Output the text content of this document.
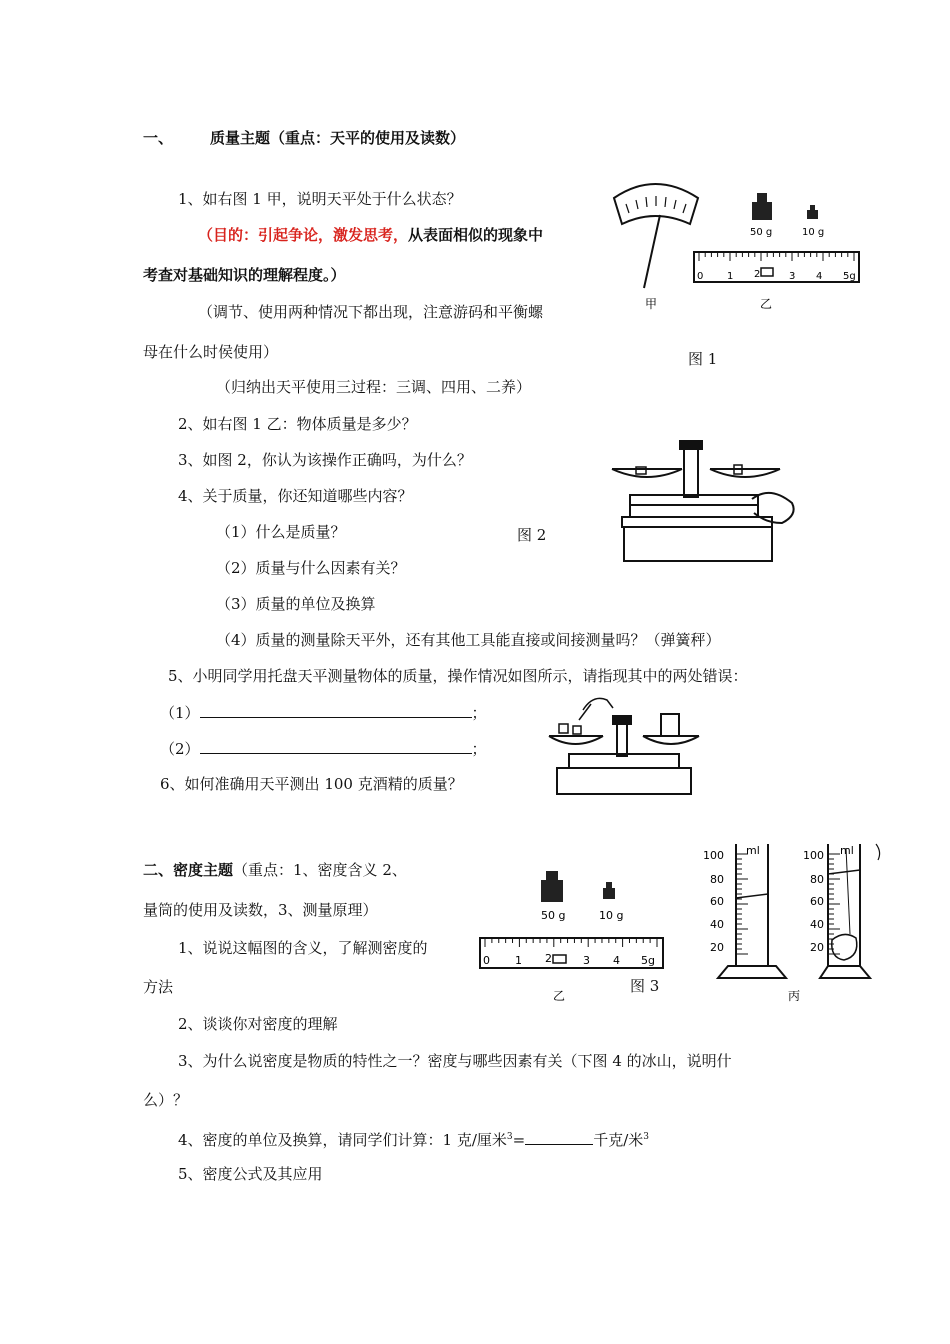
一、 质量主题（重点：天平的使用及读数）
1、如右图 1 甲，说明天平处于什么状态？
（目的：引起争论，激发思考，从表面相似的现象中
考查对基础知识的理解程度。）
（调节、使用两种情况下都出现，注意游码和平衡螺
母在什么时侯使用）
（归纳出天平使用三过程：三调、四用、二养）
2、如右图 1 乙：物体质量是多少？
3、如图 2，你认为该操作正确吗，为什么？
4、关于质量，你还知道哪些内容？
（1）什么是质量？
（2）质量与什么因素有关？
（3）质量的单位及换算
（4）质量的测量除天平外，还有其他工具能直接或间接测量吗？（弹簧秤）
5、小明同学用托盘天平测量物体的质量，操作情况如图所示，请指现其中的两处错误：
（1）	；
（2）	；
6、如何准确用天平测出 100 克酒精的质量？
二、密度主题（重点：1、密度含义 2、
量筒的使用及读数，3、测量原理）
1、说说这幅图的含义，了解测密度的
方法
2、谈谈你对密度的理解
3、为什么说密度是物质的特性之一？密度与哪些因素有关（下图 4 的冰山，说明什
么）？
4、密度的单位及换算，请同学们计算：1 克/厘米$^3$=	千克/米$^3$
5、密度公式及其应用
50 g	10 g
0 1 2	3 4 5g
甲	乙
图 1
图 2
50 g	10 g
0 1 2	3 4 5g
乙
图 3
ml	ml
100
80
60
40
20
100
80
60
40
20
丙
